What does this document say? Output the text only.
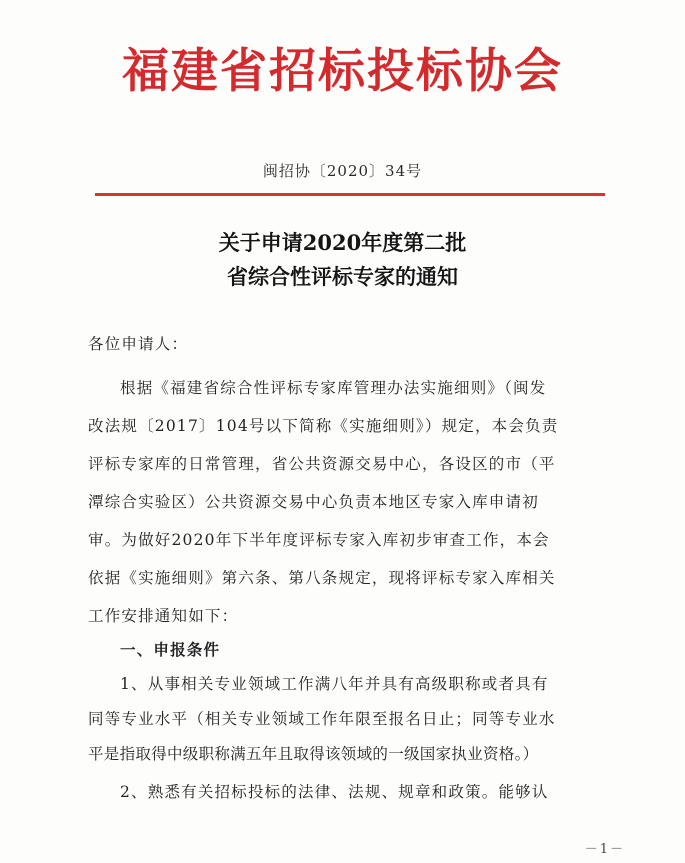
福建省招标投标协会
闽招协〔2020〕34号
关于申请2020年度第二批
省综合性评标专家的通知
各位申请人：
根据《福建省综合性评标专家库管理办法实施细则》（闽发
改法规〔2017〕104号以下简称《实施细则》）规定，本会负责
评标专家库的日常管理，省公共资源交易中心，各设区的市（平
潭综合实验区）公共资源交易中心负责本地区专家入库申请初
审。为做好2020年下半年度评标专家入库初步审查工作，本会
依据《实施细则》第六条、第八条规定，现将评标专家入库相关
工作安排通知如下：
一、申报条件
1、从事相关专业领域工作满八年并具有高级职称或者具有
同等专业水平（相关专业领域工作年限至报名日止；同等专业水
平是指取得中级职称满五年且取得该领域的一级国家执业资格。）
2、熟悉有关招标投标的法律、法规、规章和政策。能够认
－1－
